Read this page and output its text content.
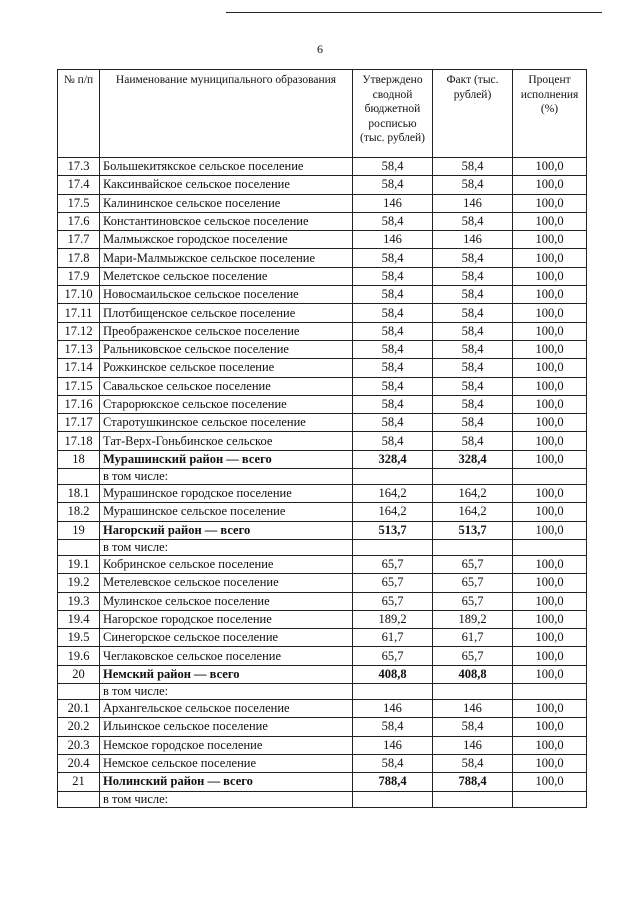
6
№ п/п	Наименование муниципального образования	Утверждено сводной бюджетной росписью (тыс. рублей)	Факт (тыс. рублей)	Процент исполнения (%)
17.3	Большекитякское сельское поселение	58,4	58,4	100,0
17.4	Каксинвайское сельское поселение	58,4	58,4	100,0
17.5	Калининское сельское поселение	146	146	100,0
17.6	Константиновское сельское поселение	58,4	58,4	100,0
17.7	Малмыжское городское поселение	146	146	100,0
17.8	Мари-Малмыжское сельское поселение	58,4	58,4	100,0
17.9	Мелетское сельское поселение	58,4	58,4	100,0
17.10	Новосмаильское сельское поселение	58,4	58,4	100,0
17.11	Плотбищенское сельское поселение	58,4	58,4	100,0
17.12	Преображенское сельское поселение	58,4	58,4	100,0
17.13	Ральниковское сельское поселение	58,4	58,4	100,0
17.14	Рожкинское сельское поселение	58,4	58,4	100,0
17.15	Савальское сельское поселение	58,4	58,4	100,0
17.16	Старорюкское сельское поселение	58,4	58,4	100,0
17.17	Старотушкинское сельское поселение	58,4	58,4	100,0
17.18	Тат-Верх-Гоньбинское сельское	58,4	58,4	100,0
18	Мурашинский район — всего	328,4	328,4	100,0
	в том числе:			
18.1	Мурашинское городское поселение	164,2	164,2	100,0
18.2	Мурашинское сельское поселение	164,2	164,2	100,0
19	Нагорский район — всего	513,7	513,7	100,0
	в том числе:			
19.1	Кобринское сельское поселение	65,7	65,7	100,0
19.2	Метелевское сельское поселение	65,7	65,7	100,0
19.3	Мулинское сельское поселение	65,7	65,7	100,0
19.4	Нагорское городское поселение	189,2	189,2	100,0
19.5	Синегорское сельское поселение	61,7	61,7	100,0
19.6	Чеглаковское сельское поселение	65,7	65,7	100,0
20	Немский район — всего	408,8	408,8	100,0
	в том числе:			
20.1	Архангельское сельское поселение	146	146	100,0
20.2	Ильинское сельское поселение	58,4	58,4	100,0
20.3	Немское городское поселение	146	146	100,0
20.4	Немское сельское поселение	58,4	58,4	100,0
21	Нолинский район — всего	788,4	788,4	100,0
	в том числе:			
